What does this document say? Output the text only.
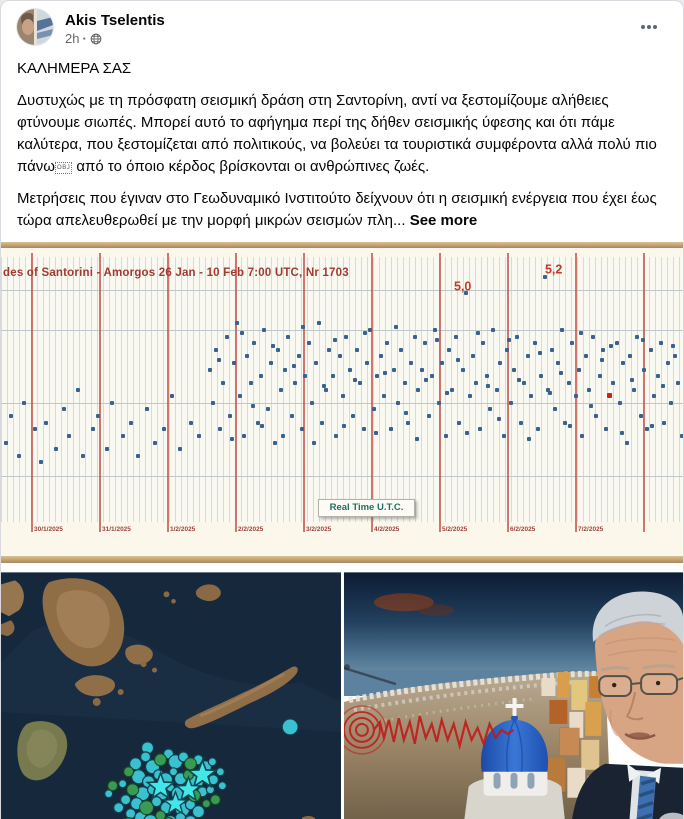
Akis Tselentis
2h ·

ΚΑΛΗΜΕΡΑ ΣΑΣ

Δυστυχώς με τη πρόσφατη σεισμική δράση στη Σαντορίνη, αντί να ξεστομίζουμε αλήθειες φτύνουμε σιωπές. Μπορεί αυτό το αφήγημα περί της δήθεν σεισμικής ύφεσης και ότι πάμε καλύτερα, που ξεστομίζεται από πολιτικούς, να βολεύει τα τουριστικά συμφέροντα αλλά πολύ πιο πάνω OBJ από το όποιο κέρδος βρίσκονται οι ανθρώπινες ζωές.

Μετρήσεις που έγιναν στο Γεωδυναμικό Ινστιτούτο δείχνουν ότι η σεισμική ενέργεια που έχει έως τώρα απελευθερωθεί με την μορφή μικρών σεισμών πλη... See more

des of Santorini - Amorgos 26 Jan - 10 Feb 7:00 UTC, Nr 1703
5,0
5,2
Real Time U.T.C.
30/1/2025	31/1/2025	1/2/2025	2/2/2025	3/2/2025	4/2/2025	5/2/2025	6/2/2025	7/2/2025
